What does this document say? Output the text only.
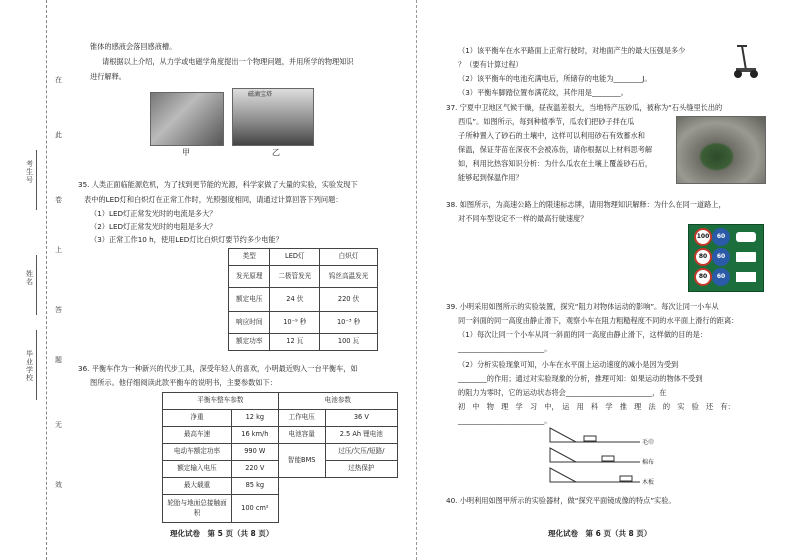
考生号
姓名
毕业学校
在
此
卷
上
答
题
无
效
锥体的感液会落回感液槽。
请根据以上介绍，从力学或电磁学角度提出一个物理问题，并用所学的物理知识
进行解释。
甲
磁滴宝塔
乙
35. 人类正面临能源危机，为了找到更节能的光源，科学家做了大量的实验，实验发现下
表中的LED灯和白炽灯在正常工作时，光照强度相同，请通过计算回答下列问题：
（1）LED灯正常发光时的电流是多大？
（2）LED灯正常发光时的电阻是多大？
（3）正常工作10 h，使用LED灯比白炽灯要节约多少电能？
类型	LED灯	白炽灯
发光原理	二极管发光	钨丝高温发光
额定电压	24 伏	220 伏
响应时间	10⁻⁹ 秒	10⁻³ 秒
额定功率	12 瓦	100 瓦
36. 平衡车作为一种新兴的代步工具，深受年轻人的喜欢，小明最近购入一台平衡车，如
图所示。他仔细阅读此款平衡车的说明书，主要参数如下：
平衡车整车参数		电池参数	
净重	12 kg	工作电压	36 V
最高车速	16 km/h	电池容量	2.5 Ah 锂电池
电动车额定功率	990 W	智能BMS	过压/欠压/短路/
额定输入电压	220 V		过热保护
最大载重	85 kg		
轮胎与地面总接触面积	100 cm²		
理化试卷　第 5 页（共 8 页）
（1）该平衡车在水平路面上正常行驶时，对地面产生的最大压强是多少
？（要有计算过程）
（2）该平衡车的电池充满电后，所储存的电能为________J。
（3）平衡车脚踏位置布满花纹，其作用是________。
37. 宁夏中卫地区气候干燥，昼夜温差很大，当地特产压砂瓜，被称为“石头缝里长出的
西瓜”。如图所示，每到种植季节，瓜农们把砂子拌在瓜
子所种置入了砂石的土壤中，这样可以利用砂石有效蓄水和
保温，保证芽苗在深夜不会被冻伤，请你根据以上材料思考解
如，利用比热容知识分析：为什么瓜农在土壤上覆盖砂石后，
能够起到保温作用？
38. 如图所示，为高速公路上的限速标志牌，请用物理知识解释：为什么在同一道路上，
对不同车型设定不一样的最高行驶速度？
100	60
80	60
80	60
39. 小明采用如图所示的实验装置，探究“阻力对物体运动的影响”。每次让同一小车从
同一斜面的同一高度由静止滑下，观察小车在阻力粗糙程度不同的水平面上滑行的距离：
（1）每次让同一个小车从同一斜面的同一高度由静止滑下，这样做的目的是：
________________________。
（2）分析实验现象可知，小车在水平面上运动速度的减小是因为受到
________的作用；通过对实验现象的分析，推理可知：如果运动的物体不受到
的阻力为零时，它的运动状态将会________________________，在
初　中　物　理　学　习　中，　运　用　科　学　推　理　法　的　实　验　还　有：
________________________。
毛巾
棉布
木板
40. 小明利用如图甲所示的实验器材，做“探究平面镜成像的特点”实验。
理化试卷　第 6 页（共 8 页）
